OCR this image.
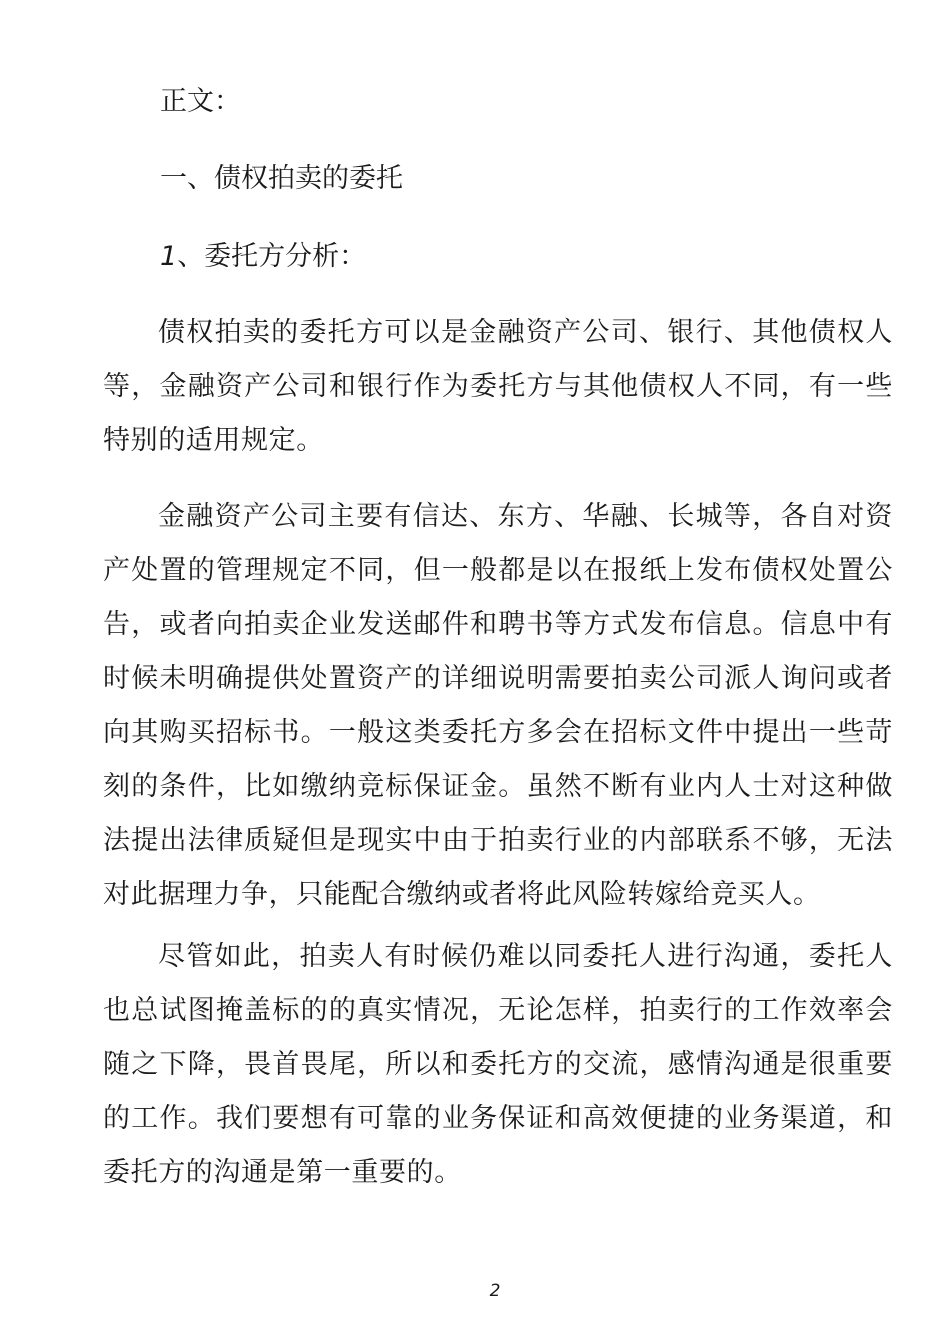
正文：

一、债权拍卖的委托

1、委托方分析：

债权拍卖的委托方可以是金融资产公司、银行、其他债权人等，金融资产公司和银行作为委托方与其他债权人不同，有一些特别的适用规定。

金融资产公司主要有信达、东方、华融、长城等，各自对资产处置的管理规定不同，但一般都是以在报纸上发布债权处置公告，或者向拍卖企业发送邮件和聘书等方式发布信息。信息中有时候未明确提供处置资产的详细说明需要拍卖公司派人询问或者向其购买招标书。一般这类委托方多会在招标文件中提出一些苛刻的条件，比如缴纳竞标保证金。虽然不断有业内人士对这种做法提出法律质疑但是现实中由于拍卖行业的内部联系不够，无法对此据理力争，只能配合缴纳或者将此风险转嫁给竞买人。

尽管如此，拍卖人有时候仍难以同委托人进行沟通，委托人也总试图掩盖标的的真实情况，无论怎样，拍卖行的工作效率会随之下降，畏首畏尾，所以和委托方的交流，感情沟通是很重要的工作。我们要想有可靠的业务保证和高效便捷的业务渠道，和委托方的沟通是第一重要的。

2
